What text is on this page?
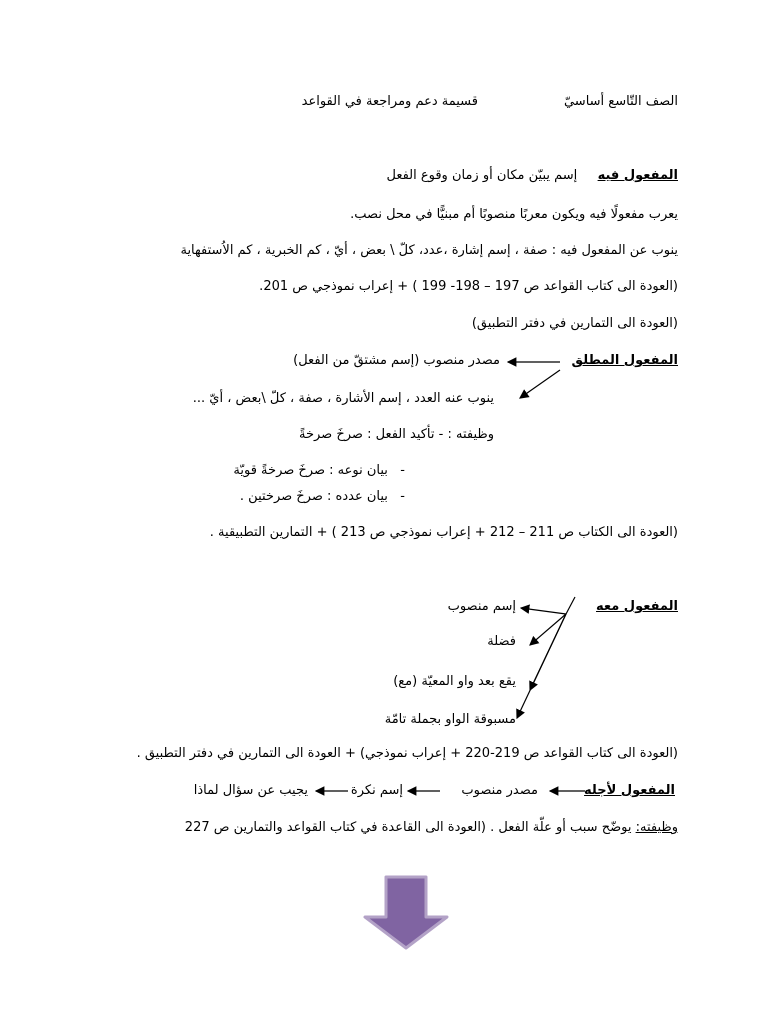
الصف التّاسع أساسيّ
قسيمة دعم ومراجعة في القواعد
المفعول فيه  إسم يبيّن مكان أو زمان وقوع الفعل
يعرب مفعولًا فيه ويكون معربًا منصوبًا أم مبنيًّا في محل نصب.
ينوب عن المفعول فيه : صفة ، إسم إشارة ،عدد، كلّ \ بعض ، أيّ ، كم الخبرية ، كم الاُستفهاية
(العودة الى كتاب القواعد ص 197 – 198- 199 ) + إعراب نموذجي ص 201.
(العودة الى التمارين في دفتر التطبيق)
المفعول المطلق
مصدر منصوب (إسم مشتقّ من الفعل)
ينوب عنه العدد ، إسم الأشارة ، صفة ، كلّ \بعض ، أيّ ...
وظيفته : - تأكيد الفعل : صرخَ صرخةً
-   بيان نوعه : صرخَ صرخةً قويّة
-   بيان عدده : صرخَ صرختين .
(العودة الى الكتاب ص 211 – 212 + إعراب نموذجي ص 213 ) + التمارين التطبيقية .
المفعول معه
إسم منصوب
فضلة
يقع بعد واو المعيّة (مع)
مسبوقة الواو بجملة تامّة
(العودة الى كتاب القواعد ص 219-220 + إعراب نموذجي) + العودة الى التمارين في دفتر التطبيق .
المفعول لأجله
مصدر منصوب
إسم نكرة
يجيب عن سؤال لماذا
وظيفته: يوضّح سبب أو علّة الفعل . (العودة الى القاعدة في كتاب القواعد والتمارين ص 227
